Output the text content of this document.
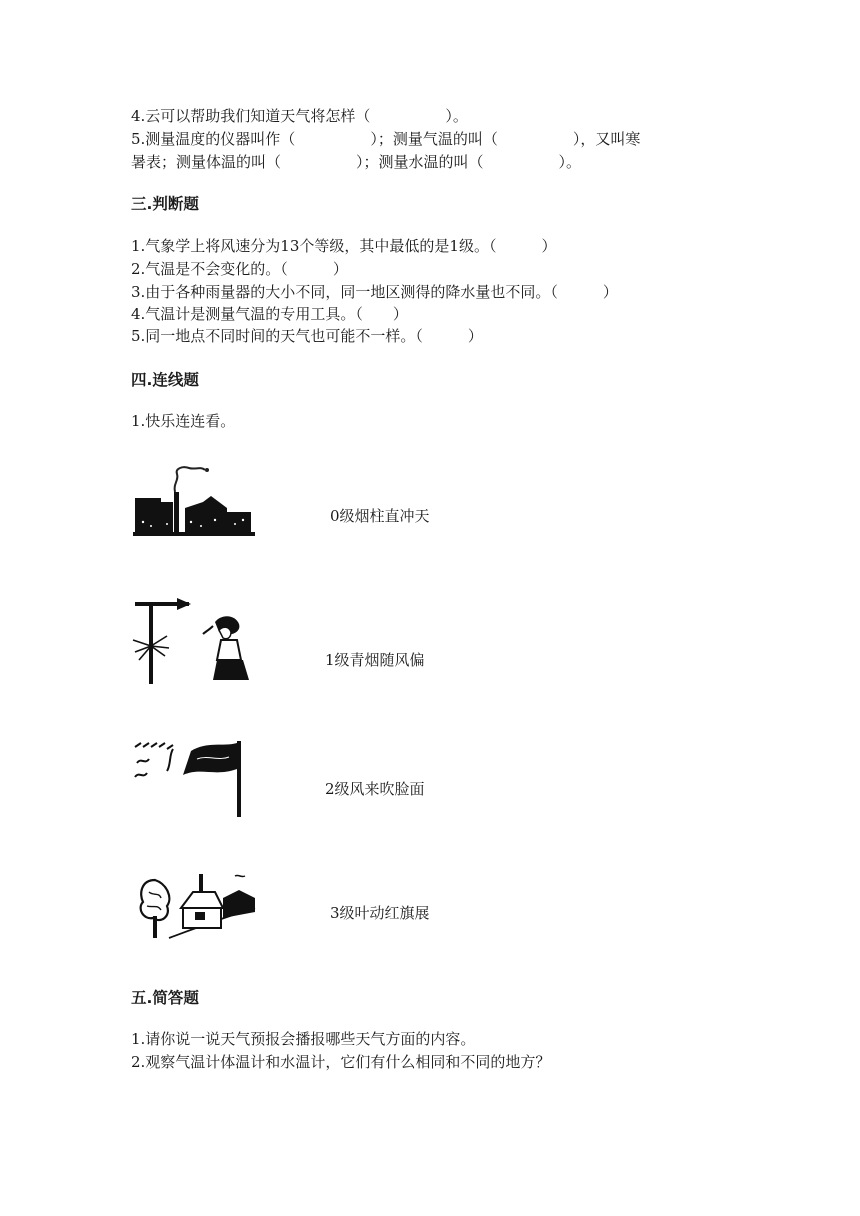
4.云可以帮助我们知道天气将怎样（　　　　　）。
5.测量温度的仪器叫作（　　　　　）；测量气温的叫（　　　　　），又叫寒
暑表；测量体温的叫（　　　　　）；测量水温的叫（　　　　　）。
三.判断题
1.气象学上将风速分为13个等级，其中最低的是1级。（　　　）
2.气温是不会变化的。（　　　）
3.由于各种雨量器的大小不同，同一地区测得的降水量也不同。（　　　）
4.气温计是测量气温的专用工具。（　　）
5.同一地点不同时间的天气也可能不一样。（　　　）
四.连线题
1.快乐连连看。
0级烟柱直冲天
1级青烟随风偏
2级风来吹脸面
3级叶动红旗展
五.简答题
1.请你说一说天气预报会播报哪些天气方面的内容。
2.观察气温计体温计和水温计，它们有什么相同和不同的地方？
